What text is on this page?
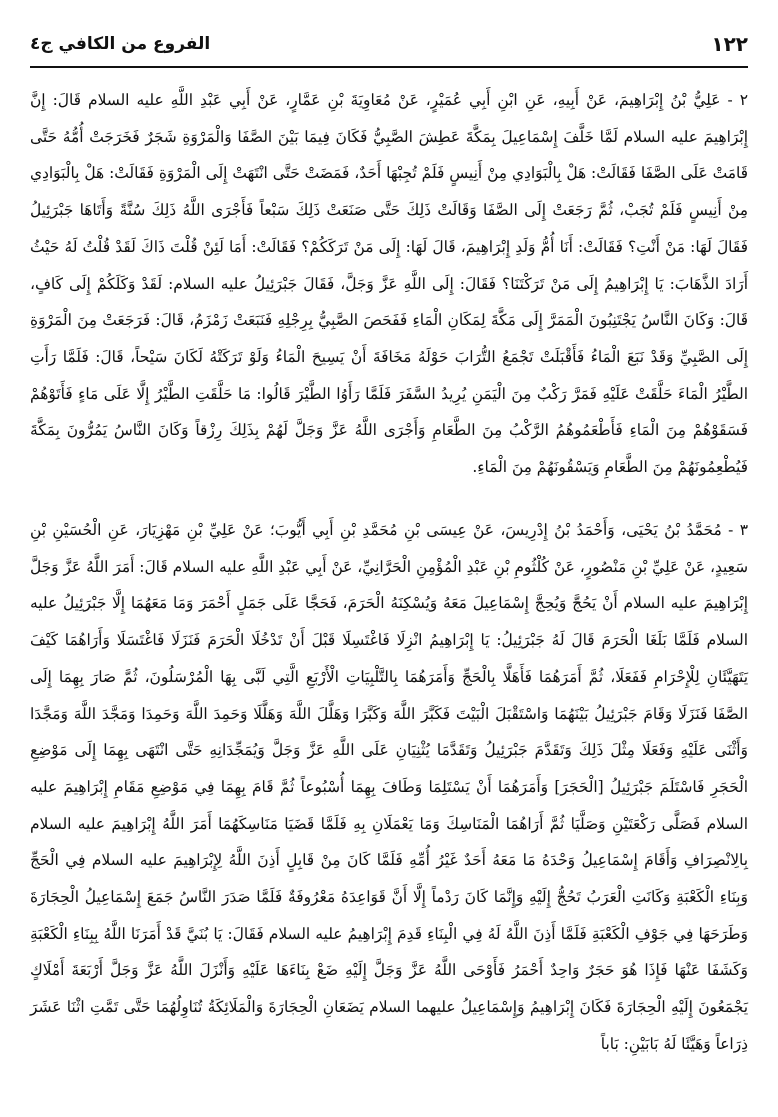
الفروع من الكافي ج٤	١٢٢

٢ - عَلِيُّ بْنُ إِبْرَاهِيمَ، عَنْ أَبِيهِ، عَنِ ابْنِ أَبِي عُمَيْرٍ، عَنْ مُعَاوِيَةَ بْنِ عَمَّارٍ، عَنْ أَبِي عَبْدِ اللَّهِ عليه السلام قَالَ: إِنَّ إِبْرَاهِيمَ عليه السلام لَمَّا خَلَّفَ إِسْمَاعِيلَ بِمَكَّةَ عَطِشَ الصَّبِيُّ فَكَانَ فِيمَا بَيْنَ الصَّفَا وَالْمَرْوَةِ شَجَرٌ فَخَرَجَتْ أُمُّهُ حَتَّى قَامَتْ عَلَى الصَّفَا فَقَالَتْ: هَلْ بِالْبَوَادِي مِنْ أَنِيسٍ فَلَمْ تُجِبْهَا أَحَدٌ، فَمَضَتْ حَتَّى انْتَهَتْ إِلَى الْمَرْوَةِ فَقَالَتْ: هَلْ بِالْبَوَادِي مِنْ أَنِيسٍ فَلَمْ تُجَبْ، ثُمَّ رَجَعَتْ إِلَى الصَّفَا وَقَالَتْ ذَلِكَ حَتَّى صَنَعَتْ ذَلِكَ سَبْعاً فَأَجْرَى اللَّهُ ذَلِكَ سُنَّةً وَأَتَاهَا جَبْرَئِيلُ فَقَالَ لَهَا: مَنْ أَنْتِ؟ فَقَالَتْ: أَنَا أُمُّ وَلَدِ إِبْرَاهِيمَ، قَالَ لَهَا: إِلَى مَنْ تَرَكَكُمْ؟ فَقَالَتْ: أَمَا لَئِنْ قُلْتَ ذَاكَ لَقَدْ قُلْتُ لَهُ حَيْثُ أَرَادَ الذَّهَابَ: يَا إِبْرَاهِيمُ إِلَى مَنْ تَرَكْتَنَا؟ فَقَالَ: إِلَى اللَّهِ عَزَّ وَجَلَّ، فَقَالَ جَبْرَئِيلُ عليه السلام: لَقَدْ وَكَلَكُمْ إِلَى كَافٍ، قَالَ: وَكَانَ النَّاسُ يَجْتَنِبُونَ الْمَمَرَّ إِلَى مَكَّةَ لِمَكَانِ الْمَاءِ فَفَحَصَ الصَّبِيُّ بِرِجْلِهِ فَنَبَعَتْ زَمْزَمُ، قَالَ: فَرَجَعَتْ مِنَ الْمَرْوَةِ إِلَى الصَّبِيِّ وَقَدْ نَبَعَ الْمَاءُ فَأَقْبَلَتْ تَجْمَعُ التُّرَابَ حَوْلَهُ مَخَافَةَ أَنْ يَسِيحَ الْمَاءُ وَلَوْ تَرَكَتْهُ لَكَانَ سَيْحاً، قَالَ: فَلَمَّا رَأَتِ الطَّيْرُ الْمَاءَ حَلَّقَتْ عَلَيْهِ فَمَرَّ رَكْبٌ مِنَ الْيَمَنِ يُرِيدُ السَّفَرَ فَلَمَّا رَأَوُا الطَّيْرَ قَالُوا: مَا حَلَّقَتِ الطَّيْرُ إِلَّا عَلَى مَاءٍ فَأَتَوْهُمْ فَسَقَوْهُمْ مِنَ الْمَاءِ فَأَطْعَمُوهُمُ الرَّكْبُ مِنَ الطَّعَامِ وَأَجْرَى اللَّهُ عَزَّ وَجَلَّ لَهُمْ بِذَلِكَ رِزْقاً وَكَانَ النَّاسُ يَمُرُّونَ بِمَكَّةَ فَيُطْعِمُونَهُمْ مِنَ الطَّعَامِ وَيَسْقُونَهُمْ مِنَ الْمَاءِ.

٣ - مُحَمَّدُ بْنُ يَحْيَى، وَأَحْمَدُ بْنُ إِدْرِيسَ، عَنْ عِيسَى بْنِ مُحَمَّدِ بْنِ أَبِي أَيُّوبَ؛ عَنْ عَلِيِّ بْنِ مَهْزِيَارَ، عَنِ الْحُسَيْنِ بْنِ سَعِيدٍ، عَنْ عَلِيِّ بْنِ مَنْصُورٍ، عَنْ كُلْثُومِ بْنِ عَبْدِ الْمُؤْمِنِ الْحَرَّانِيِّ، عَنْ أَبِي عَبْدِ اللَّهِ عليه السلام قَالَ: أَمَرَ اللَّهُ عَزَّ وَجَلَّ إِبْرَاهِيمَ عليه السلام أَنْ يَحُجَّ وَيُحِجَّ إِسْمَاعِيلَ مَعَهُ وَيُسْكِنَهُ الْحَرَمَ، فَحَجَّا عَلَى جَمَلٍ أَحْمَرَ وَمَا مَعَهُمَا إِلَّا جَبْرَئِيلُ عليه السلام فَلَمَّا بَلَغَا الْحَرَمَ قَالَ لَهُ جَبْرَئِيلُ: يَا إِبْرَاهِيمُ انْزِلَا فَاغْتَسِلَا قَبْلَ أَنْ تَدْخُلَا الْحَرَمَ فَنَزَلَا فَاغْتَسَلَا وَأَرَاهُمَا كَيْفَ يَتَهَيَّئَانِ لِلْإِحْرَامِ فَفَعَلَا، ثُمَّ أَمَرَهُمَا فَأَهَلَّا بِالْحَجِّ وَأَمَرَهُمَا بِالتَّلْبِيَاتِ الْأَرْبَعِ الَّتِي لَبَّى بِهَا الْمُرْسَلُونَ، ثُمَّ صَارَ بِهِمَا إِلَى الصَّفَا فَنَزَلَا وَقَامَ جَبْرَئِيلُ بَيْنَهُمَا وَاسْتَقْبَلَ الْبَيْتَ فَكَبَّرَ اللَّهَ وَكَبَّرَا وَهَلَّلَ اللَّهَ وَهَلَّلَا وَحَمِدَ اللَّهَ وَحَمِدَا وَمَجَّدَ اللَّهَ وَمَجَّدَا وَأَثْنَى عَلَيْهِ وَفَعَلَا مِثْلَ ذَلِكَ وَتَقَدَّمَ جَبْرَئِيلُ وَتَقَدَّمَا يُثْنِيَانِ عَلَى اللَّهِ عَزَّ وَجَلَّ وَيُمَجِّدَانِهِ حَتَّى انْتَهَى بِهِمَا إِلَى مَوْضِعِ الْحَجَرِ فَاسْتَلَمَ جَبْرَئِيلُ [الْحَجَرَ] وَأَمَرَهُمَا أَنْ يَسْتَلِمَا وَطَافَ بِهِمَا أُسْبُوعاً ثُمَّ قَامَ بِهِمَا فِي مَوْضِعِ مَقَامِ إِبْرَاهِيمَ عليه السلام فَصَلَّى رَكْعَتَيْنِ وَصَلَّيَا ثُمَّ أَرَاهُمَا الْمَنَاسِكَ وَمَا يَعْمَلَانِ بِهِ فَلَمَّا قَضَيَا مَنَاسِكَهُمَا أَمَرَ اللَّهُ إِبْرَاهِيمَ عليه السلام بِالِانْصِرَافِ وَأَقَامَ إِسْمَاعِيلُ وَحْدَهُ مَا مَعَهُ أَحَدٌ غَيْرُ أُمِّهِ فَلَمَّا كَانَ مِنْ قَابِلٍ أَذِنَ اللَّهُ لِإِبْرَاهِيمَ عليه السلام فِي الْحَجِّ وَبِنَاءِ الْكَعْبَةِ وَكَانَتِ الْعَرَبُ تَحُجُّ إِلَيْهِ وَإِنَّمَا كَانَ رَدْماً إِلَّا أَنَّ قَوَاعِدَهُ مَعْرُوفَةٌ فَلَمَّا صَدَرَ النَّاسُ جَمَعَ إِسْمَاعِيلُ الْحِجَارَةَ وَطَرَحَهَا فِي جَوْفِ الْكَعْبَةِ فَلَمَّا أَذِنَ اللَّهُ لَهُ فِي الْبِنَاءِ قَدِمَ إِبْرَاهِيمُ عليه السلام فَقَالَ: يَا بُنَيَّ قَدْ أَمَرَنَا اللَّهُ بِبِنَاءِ الْكَعْبَةِ وَكَشَفَا عَنْهَا فَإِذَا هُوَ حَجَرٌ وَاحِدٌ أَحْمَرُ فَأَوْحَى اللَّهُ عَزَّ وَجَلَّ إِلَيْهِ ضَعْ بِنَاءَهَا عَلَيْهِ وَأَنْزَلَ اللَّهُ عَزَّ وَجَلَّ أَرْبَعَةَ أَمْلَاكٍ يَجْمَعُونَ إِلَيْهِ الْحِجَارَةَ فَكَانَ إِبْرَاهِيمُ وَإِسْمَاعِيلُ عليهما السلام يَضَعَانِ الْحِجَارَةَ وَالْمَلَائِكَةُ تُنَاوِلُهُمَا حَتَّى تَمَّتِ اثْنَا عَشَرَ ذِرَاعاً وَهَيَّئَا لَهُ بَابَيْنِ: بَاباً
